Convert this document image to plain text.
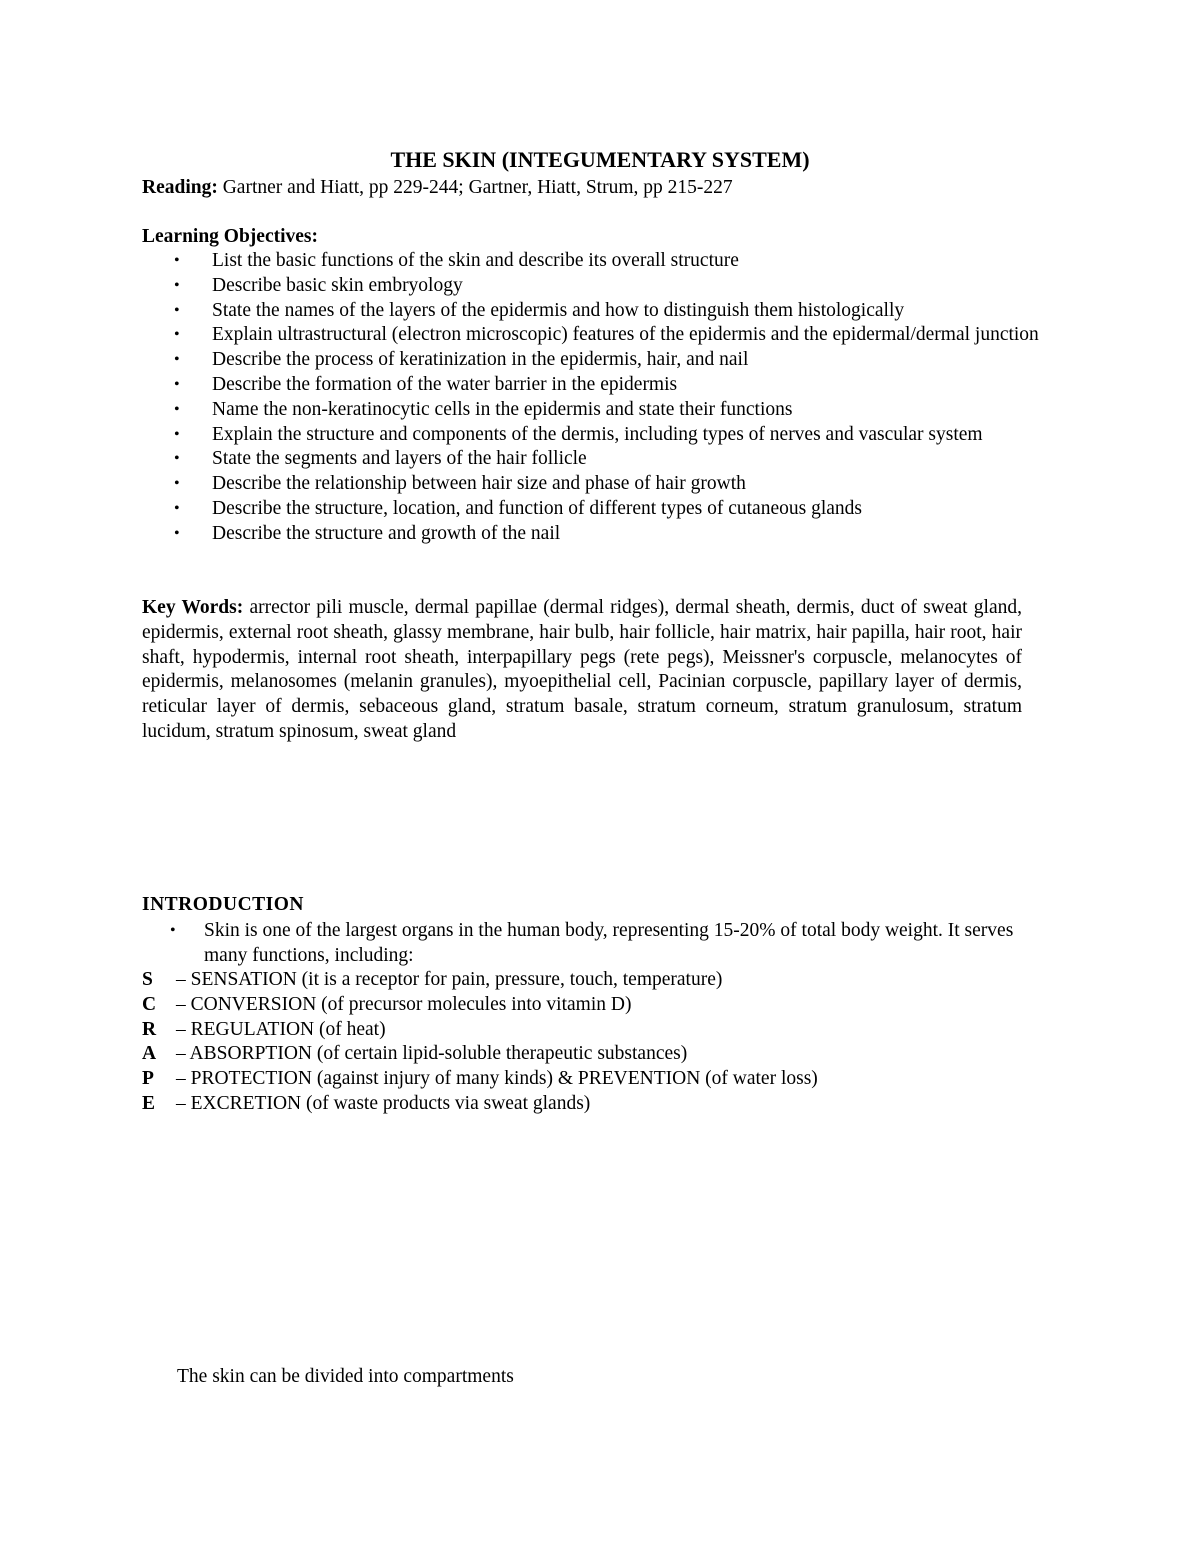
THE SKIN (INTEGUMENTARY SYSTEM)
Reading: Gartner and Hiatt, pp 229-244; Gartner, Hiatt, Strum, pp 215-227
Learning Objectives:
• List the basic functions of the skin and describe its overall structure
• Describe basic skin embryology
• State the names of the layers of the epidermis and how to distinguish them histologically
• Explain ultrastructural (electron microscopic) features of the epidermis and the epidermal/dermal junction
• Describe the process of keratinization in the epidermis, hair, and nail
• Describe the formation of the water barrier in the epidermis
• Name the non-keratinocytic cells in the epidermis and state their functions
• Explain the structure and components of the dermis, including types of nerves and vascular system
• State the segments and layers of the hair follicle
• Describe the relationship between hair size and phase of hair growth
• Describe the structure, location, and function of different types of cutaneous glands
• Describe the structure and growth of the nail
Key Words: arrector pili muscle, dermal papillae (dermal ridges), dermal sheath, dermis, duct of sweat gland, epidermis, external root sheath, glassy membrane, hair bulb, hair follicle, hair matrix, hair papilla, hair root, hair shaft, hypodermis, internal root sheath, interpapillary pegs (rete pegs), Meissner's corpuscle, melanocytes of epidermis, melanosomes (melanin granules), myoepithelial cell, Pacinian corpuscle, papillary layer of dermis, reticular layer of dermis, sebaceous gland, stratum basale, stratum corneum, stratum granulosum, stratum lucidum, stratum spinosum, sweat gland
INTRODUCTION
•	Skin is one of the largest organs in the human body, representing 15-20% of total body weight. It serves many functions, including:
S – SENSATION (it is a receptor for pain, pressure, touch, temperature)
C – CONVERSION (of precursor molecules into vitamin D)
R – REGULATION (of heat)
A – ABSORPTION (of certain lipid-soluble therapeutic substances)
P – PROTECTION (against injury of many kinds) & PREVENTION (of water loss)
E – EXCRETION (of waste products via sweat glands)
The skin can be divided into compartments
